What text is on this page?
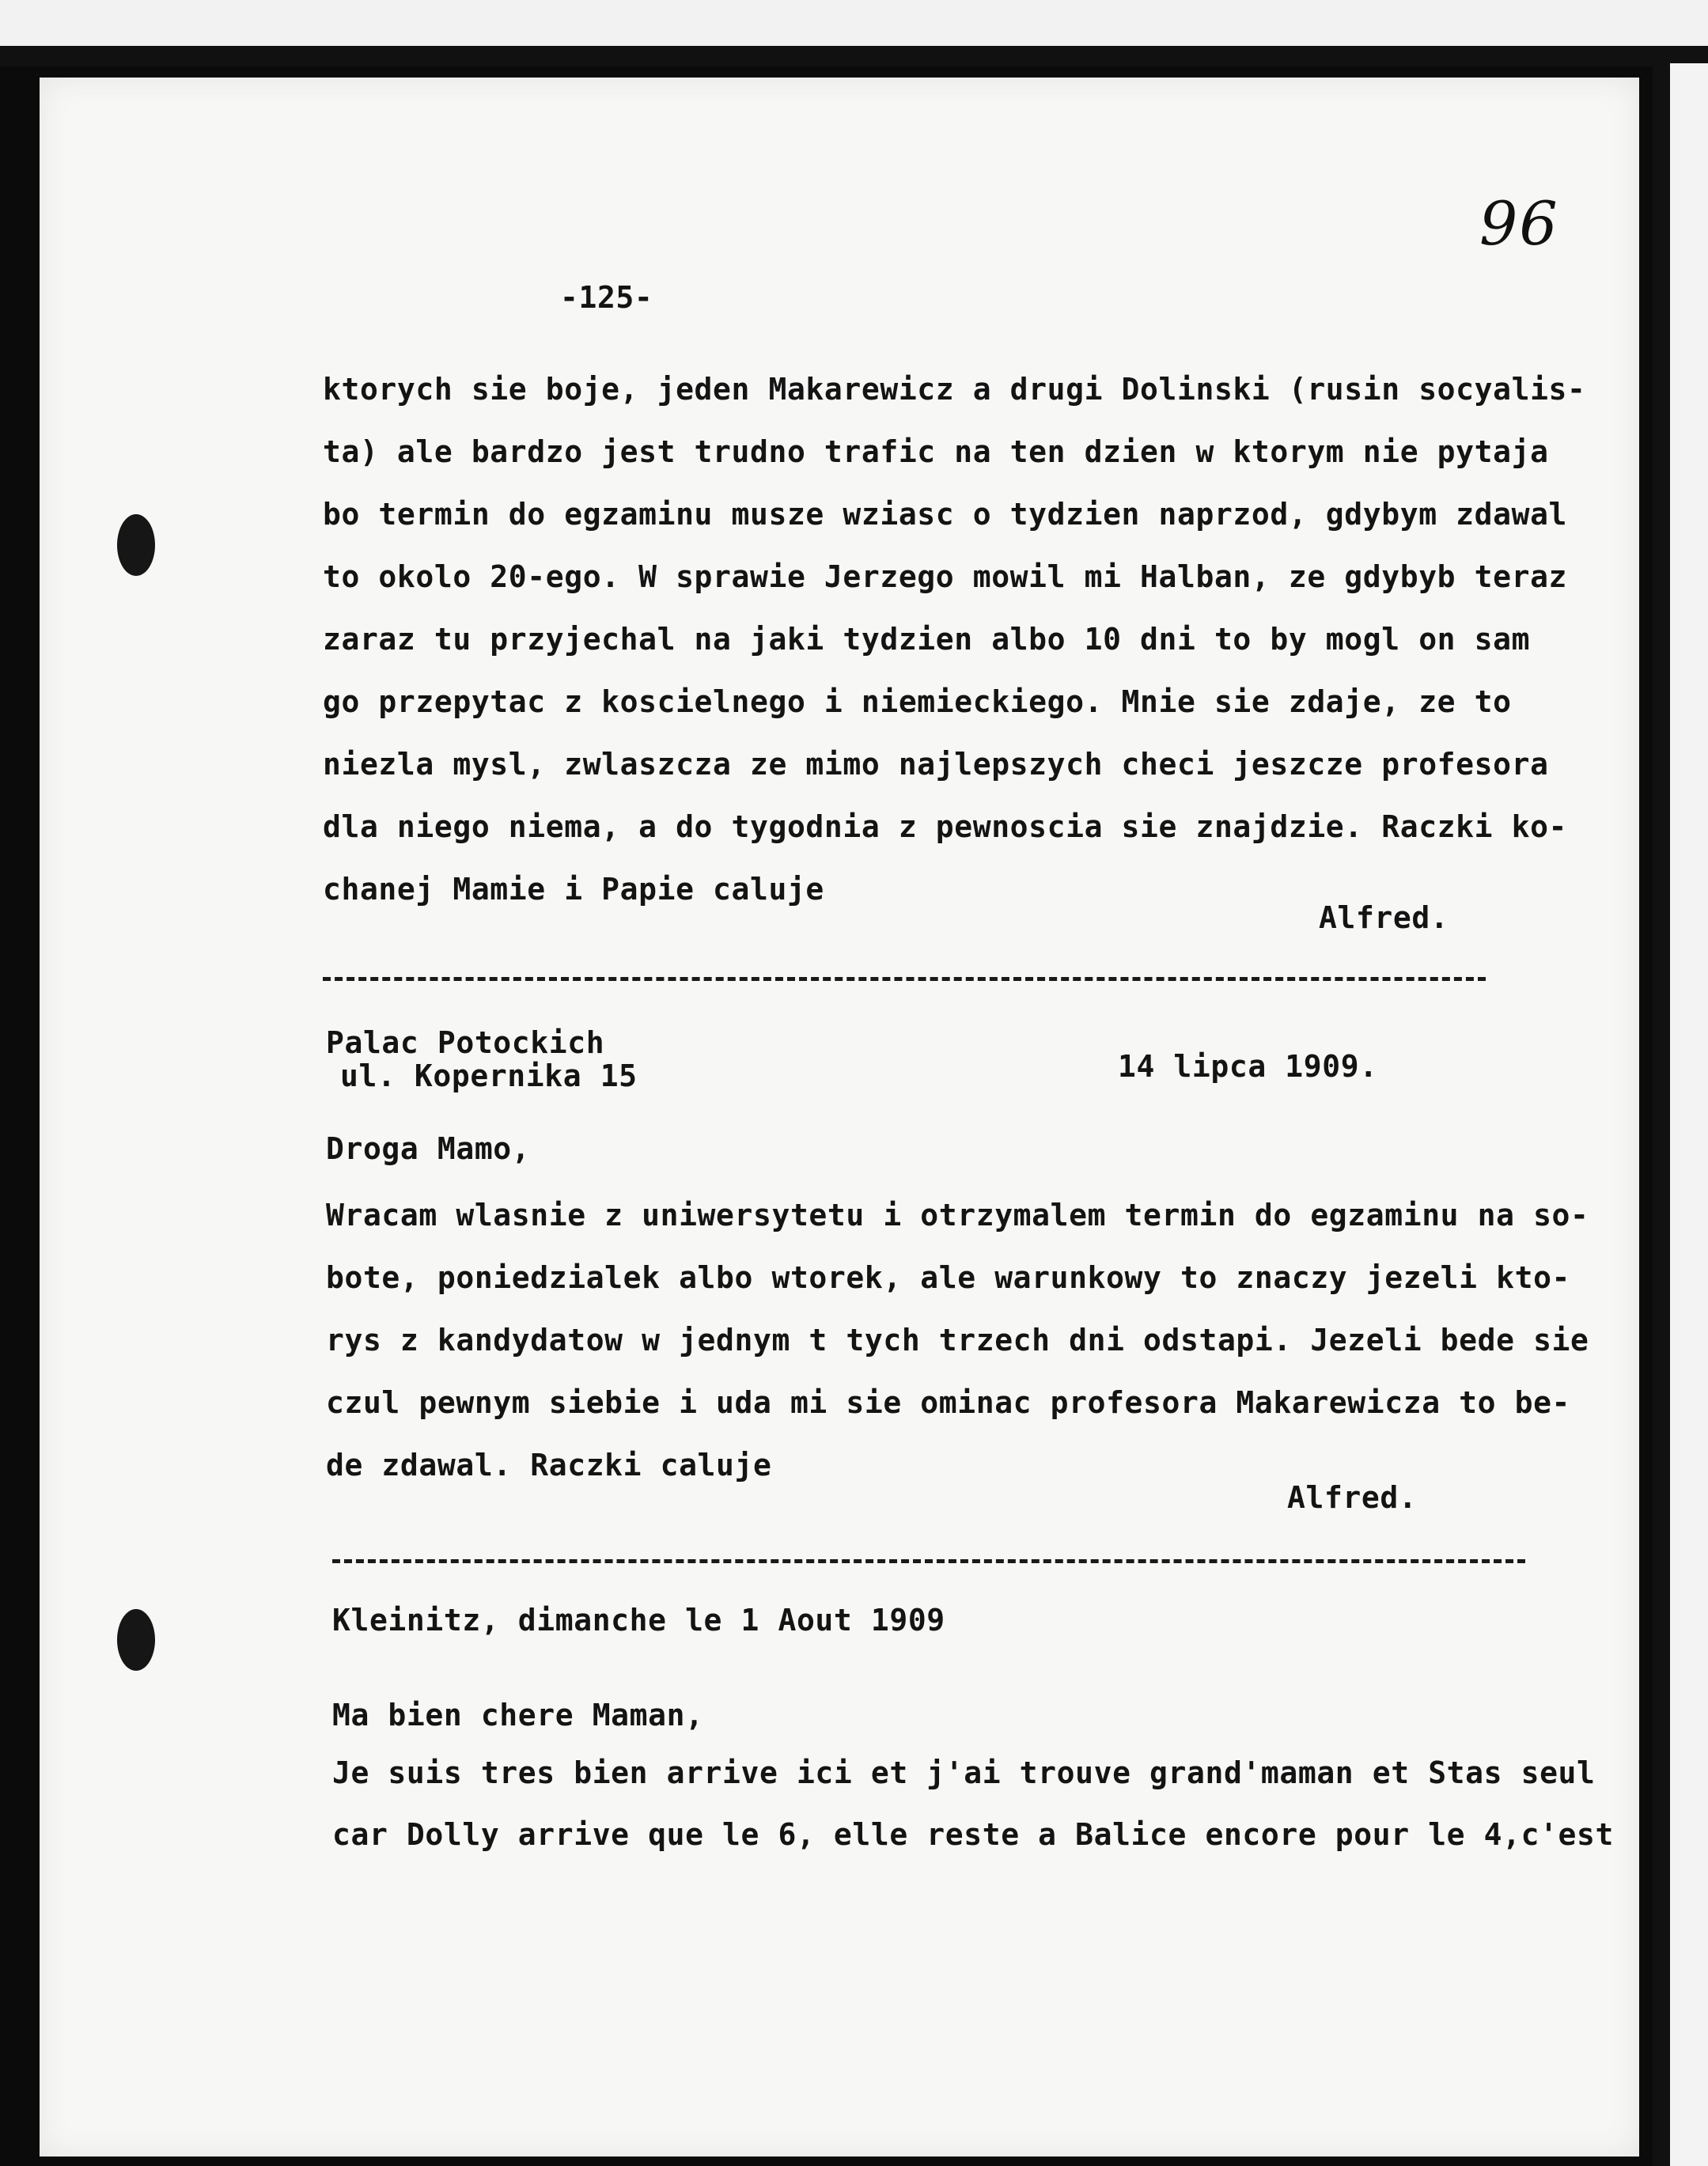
96
-125-
ktorych sie boje, jeden Makarewicz a drugi Dolinski (rusin socyalis-
ta) ale bardzo jest trudno trafic na ten dzien w ktorym nie pytaja
bo termin do egzaminu musze wziasc o tydzien naprzod, gdybym zdawal
to okolo 20-ego. W sprawie Jerzego mowil mi Halban, ze gdybyb teraz
zaraz tu przyjechal na jaki tydzien albo 10 dni to by mogl on sam
go przepytac z koscielnego i niemieckiego. Mnie sie zdaje, ze to
niezla mysl, zwlaszcza ze mimo najlepszych checi jeszcze profesora
dla niego niema, a do tygodnia z pewnoscia sie znajdzie. Raczki ko-
chanej Mamie i Papie caluje
Alfred.
Palac Potockich
ul. Kopernika 15	14 lipca 1909.
Droga Mamo,
Wracam wlasnie z uniwersytetu i otrzymalem termin do egzaminu na so-
bote, poniedzialek albo wtorek, ale warunkowy to znaczy jezeli kto-
rys z kandydatow w jednym t tych trzech dni odstapi. Jezeli bede sie
czul pewnym siebie i uda mi sie ominac profesora Makarewicza to be-
de zdawal. Raczki caluje
Alfred.
Kleinitz, dimanche le 1 Aout 1909
Ma bien chere Maman,
Je suis tres bien arrive ici et j'ai trouve grand'maman et Stas seul
car Dolly arrive que le 6, elle reste a Balice encore pour le 4,c'est
